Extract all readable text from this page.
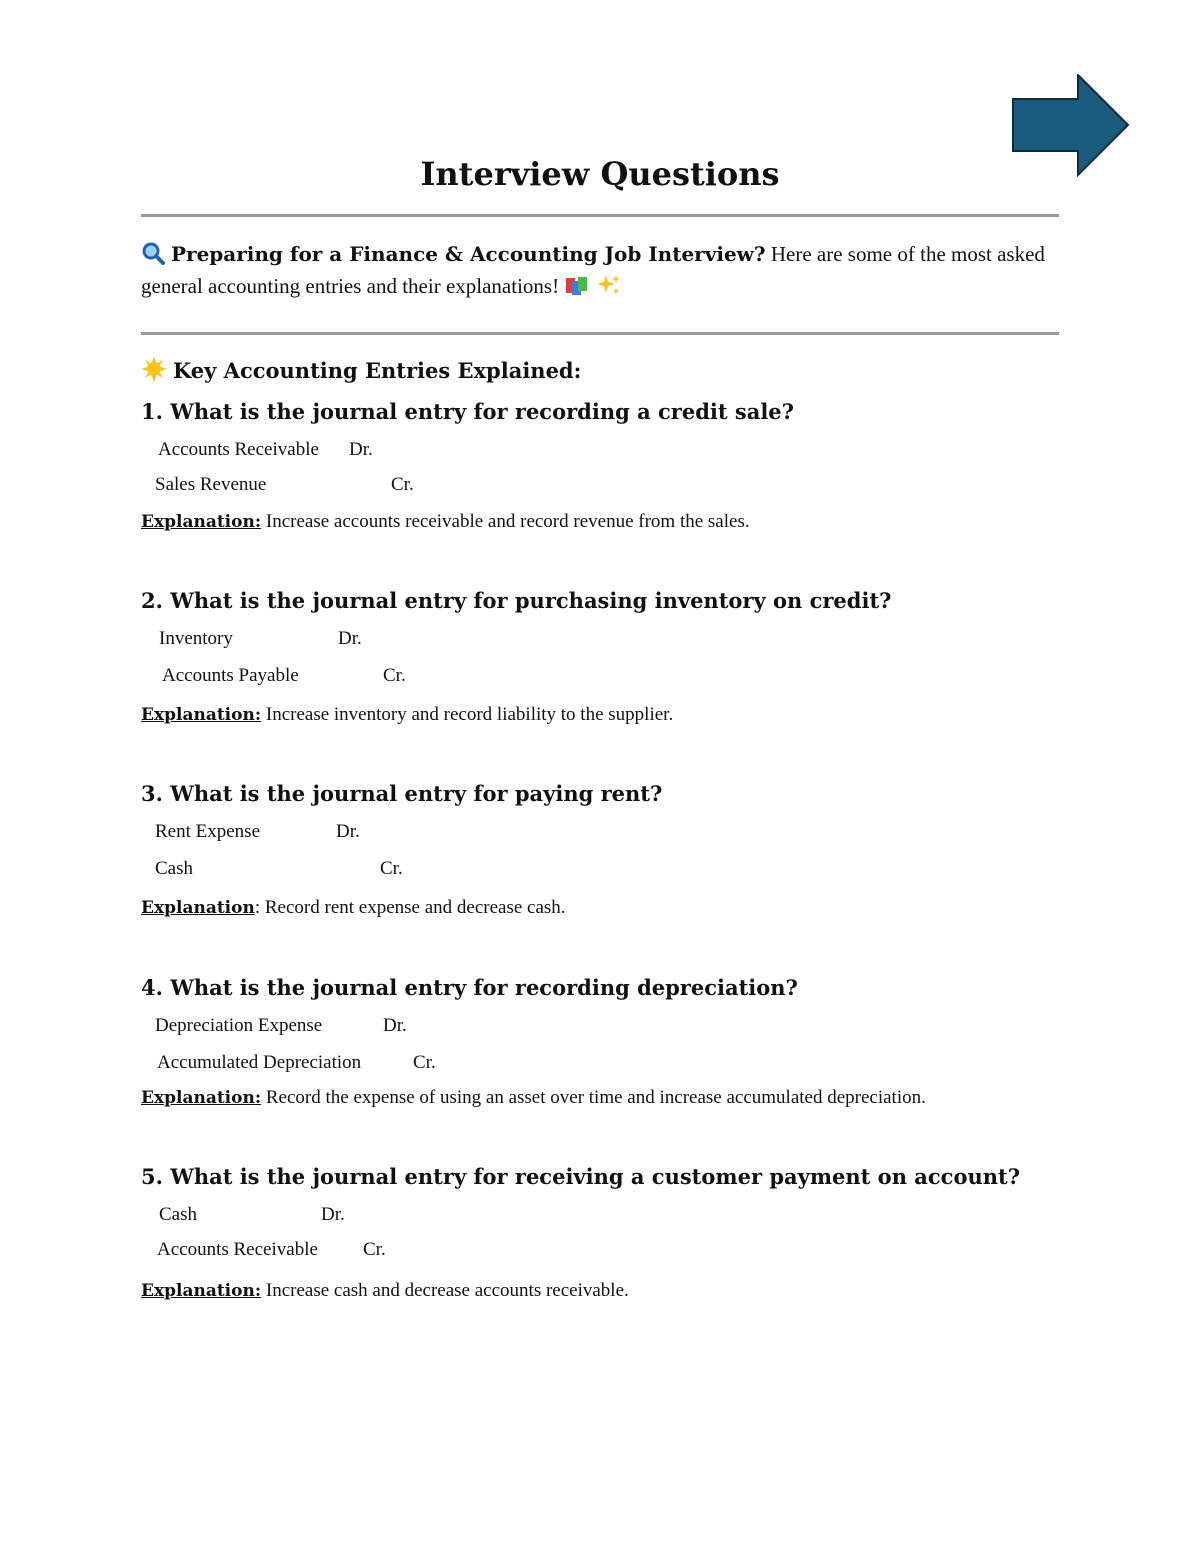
Interview Questions

Preparing for a Finance & Accounting Job Interview? Here are some of the most asked general accounting entries and their explanations!

Key Accounting Entries Explained:

1. What is the journal entry for recording a credit sale?

Accounts Receivable Dr.
Sales Revenue	Cr.
Explanation: Increase accounts receivable and record revenue from the sales.

2. What is the journal entry for purchasing inventory on credit?

Inventory	Dr.
Accounts Payable	Cr.
Explanation: Increase inventory and record liability to the supplier.

3. What is the journal entry for paying rent?

Rent Expense	Dr.
Cash	Cr.
Explanation: Record rent expense and decrease cash.

4. What is the journal entry for recording depreciation?

Depreciation Expense	Dr.
Accumulated Depreciation	Cr.
Explanation: Record the expense of using an asset over time and increase accumulated depreciation.

5. What is the journal entry for receiving a customer payment on account?

Cash	Dr.
Accounts Receivable Cr.
Explanation: Increase cash and decrease accounts receivable.
